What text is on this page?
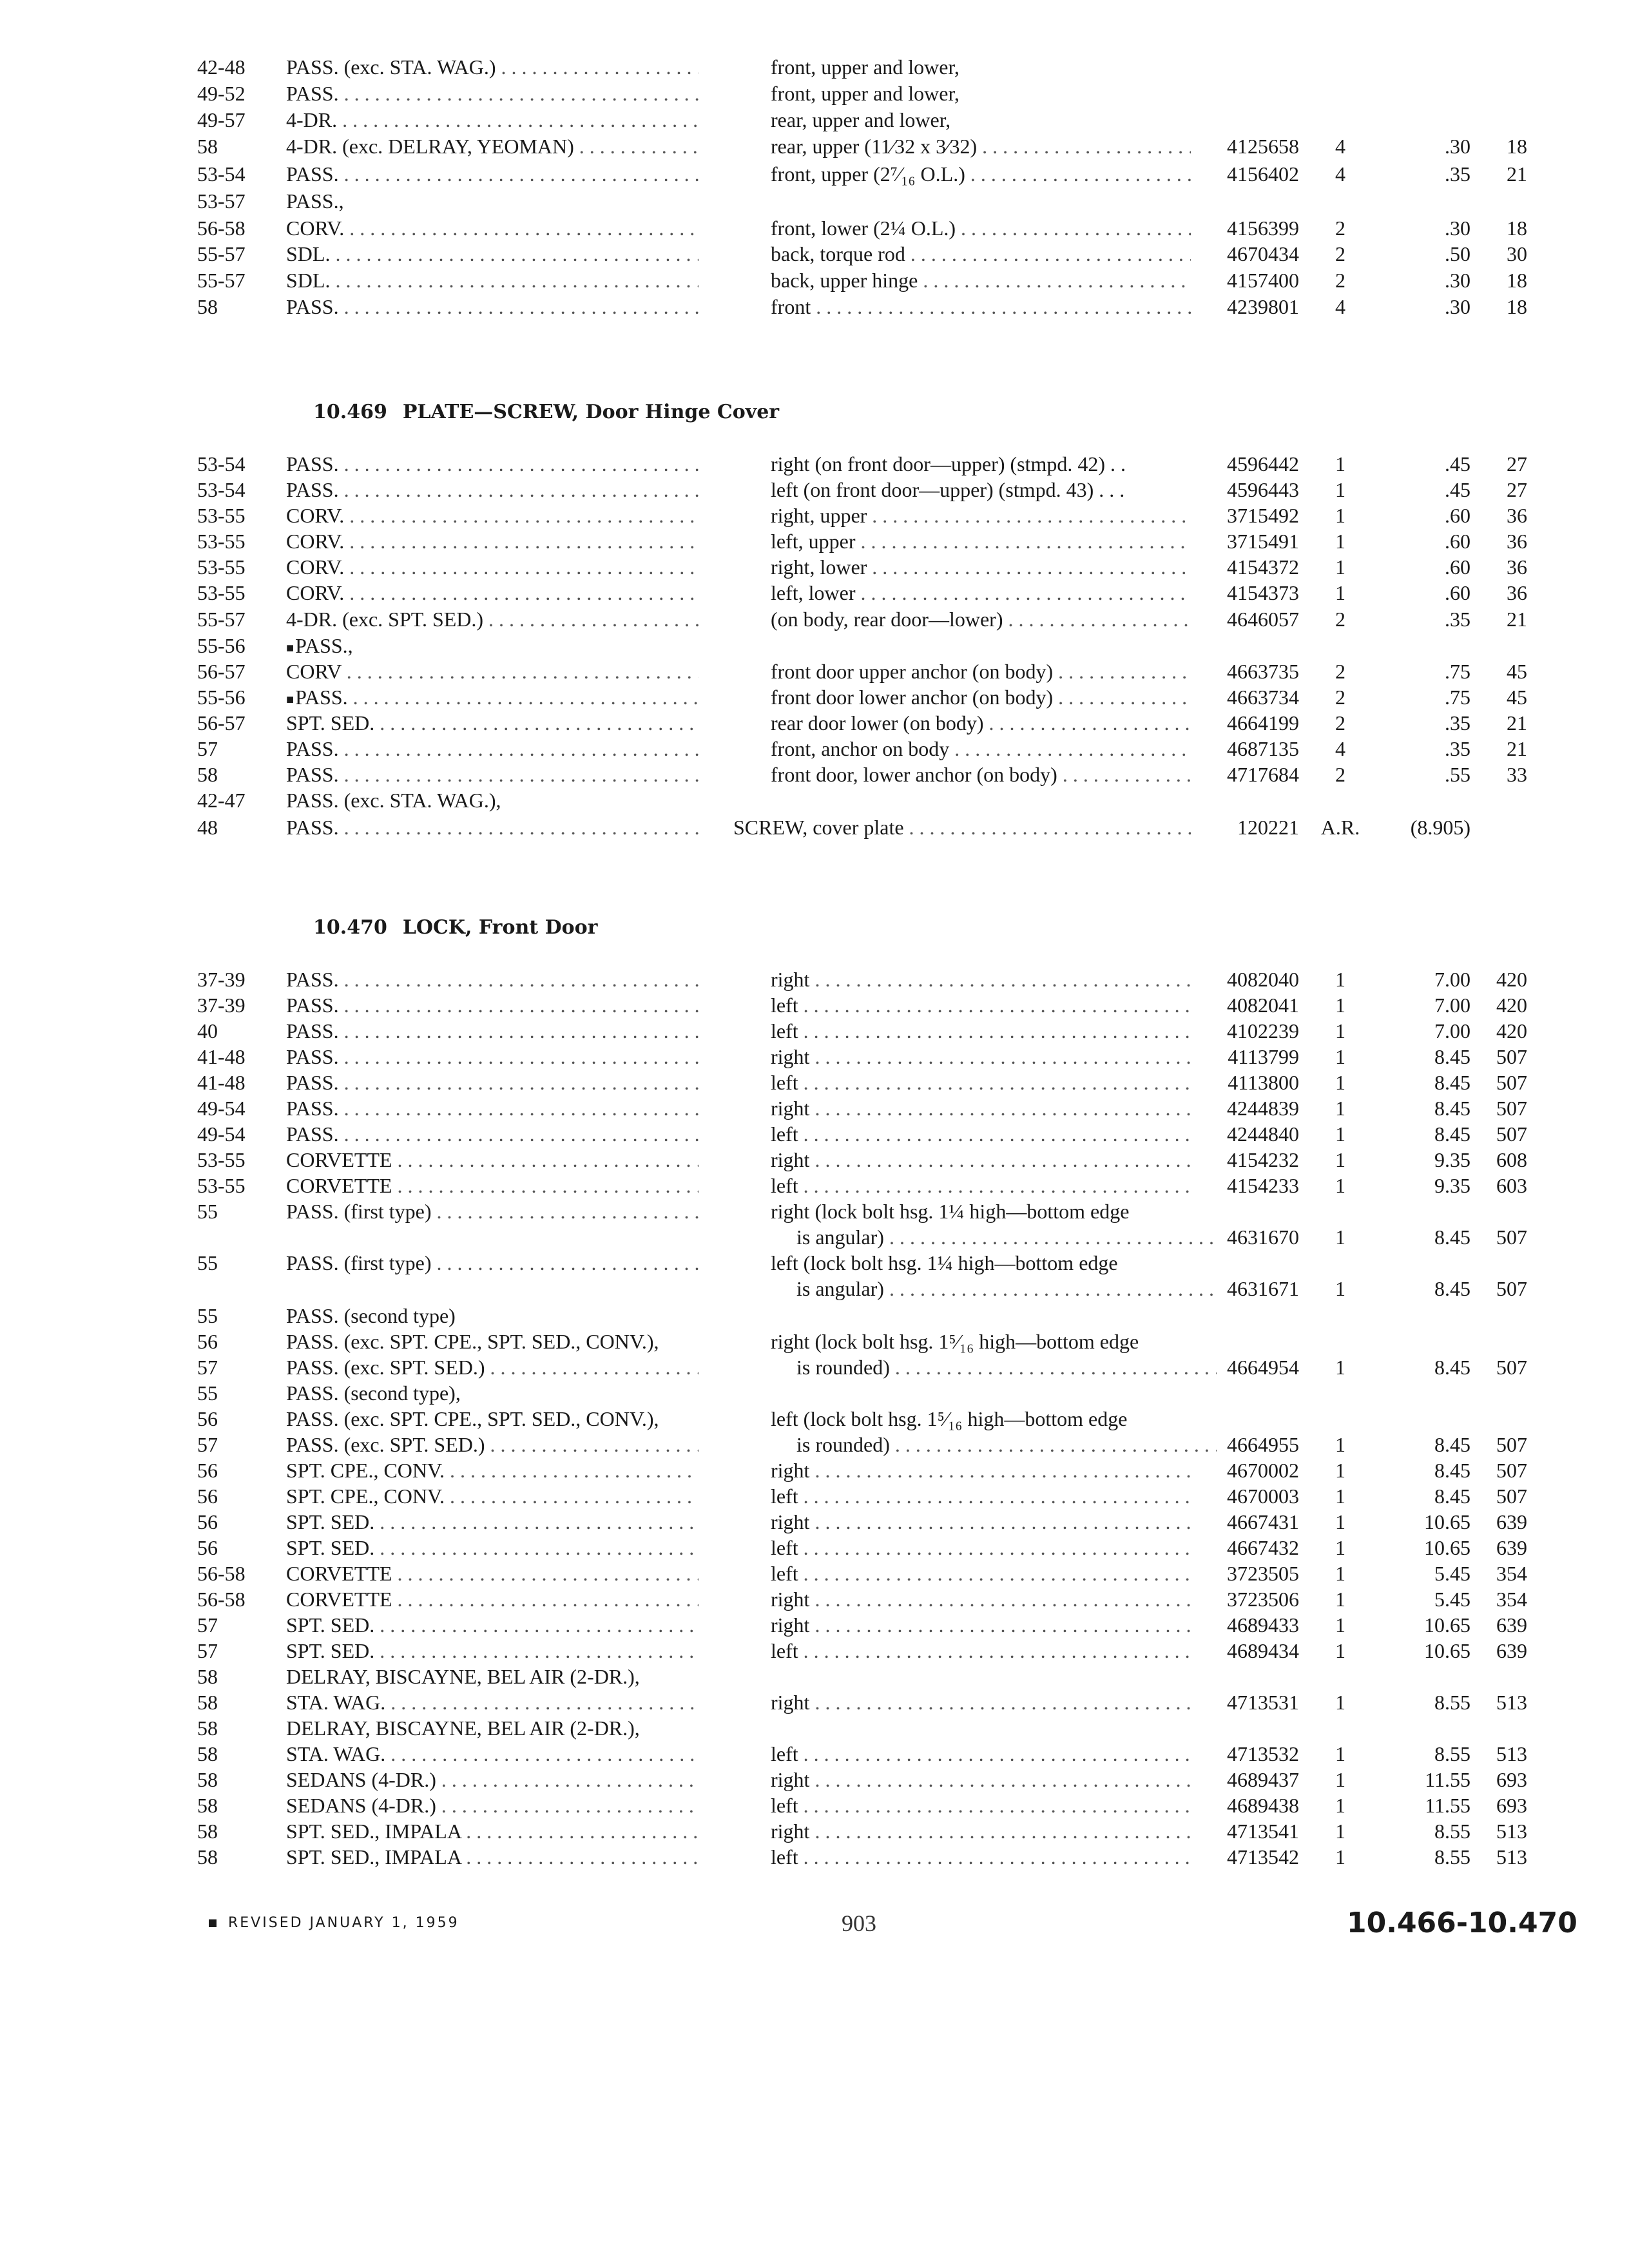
42-48	PASS. (exc. STA. WAG.) . . .	front, upper and lower,
49-52	PASS. . . .	front, upper and lower,
49-57	4-DR. . . .	rear, upper and lower,
58	4-DR. (exc. DELRAY, YEOMAN) . . .	rear, upper (11⁄32 x 3⁄32) . . .	4125658	4	.30	18
53-54	PASS. . . .	front, upper (2⁷⁄₁₆ O.L.) . . .	4156402	4	.35	21
53-57	PASS.,
56-58	CORV. . . .	front, lower (2¼ O.L.) . . .	4156399	2	.30	18
55-57	SDL. . . .	back, torque rod . . .	4670434	2	.50	30
55-57	SDL. . . .	back, upper hinge . . .	4157400	2	.30	18
58	PASS. . . .	front . . .	4239801	4	.30	18
53-54	PASS. . . .	right (on front door—upper) (stmpd. 42) . .	4596442	1	.45	27
53-54	PASS. . . .	left (on front door—upper) (stmpd. 43) . . .	4596443	1	.45	27
53-55	CORV. . . .	right, upper . . .	3715492	1	.60	36
53-55	CORV. . . .	left, upper . . .	3715491	1	.60	36
53-55	CORV. . . .	right, lower . . .	4154372	1	.60	36
53-55	CORV. . . .	left, lower . . .	4154373	1	.60	36
55-57	4-DR. (exc. SPT. SED.) . . .	(on body, rear door—lower) . . .	4646057	2	.35	21
55-56	■PASS.,
56-57	CORV . . .	front door upper anchor (on body) . . .	4663735	2	.75	45
55-56	■PASS. . . .	front door lower anchor (on body) . . .	4663734	2	.75	45
56-57	SPT. SED. . . .	rear door lower (on body) . . .	4664199	2	.35	21
57	PASS. . . .	front, anchor on body . . .	4687135	4	.35	21
58	PASS. . . .	front door, lower anchor (on body) . . .	4717684	2	.55	33
42-47	PASS. (exc. STA. WAG.),
48	PASS. . . .	SCREW, cover plate . . .	120221	A.R.	(8.905)
37-39	PASS. . . .	right . . .	4082040	1	7.00	420
37-39	PASS. . . .	left . . .	4082041	1	7.00	420
40	PASS. . . .	left . . .	4102239	1	7.00	420
41-48	PASS. . . .	right . . .	4113799	1	8.45	507
41-48	PASS. . . .	left . . .	4113800	1	8.45	507
49-54	PASS. . . .	right . . .	4244839	1	8.45	507
49-54	PASS. . . .	left . . .	4244840	1	8.45	507
53-55	CORVETTE . . .	right . . .	4154232	1	9.35	608
53-55	CORVETTE . . .	left . . .	4154233	1	9.35	603
55	PASS. (first type) . . .	right (lock bolt hsg. 1¼ high—bottom edge
is angular) . . .	4631670	1	8.45	507
55	PASS. (first type) . . .	left (lock bolt hsg. 1¼ high—bottom edge
is angular) . . .	4631671	1	8.45	507
55	PASS. (second type)
56	PASS. (exc. SPT. CPE., SPT. SED., CONV.),	right (lock bolt hsg. 1⁵⁄₁₆ high—bottom edge
57	PASS. (exc. SPT. SED.) . . .	is rounded) . . .	4664954	1	8.45	507
55	PASS. (second type),
56	PASS. (exc. SPT. CPE., SPT. SED., CONV.),	left (lock bolt hsg. 1⁵⁄₁₆ high—bottom edge
57	PASS. (exc. SPT. SED.) . . .	is rounded) . . .	4664955	1	8.45	507
56	SPT. CPE., CONV. . . .	right . . .	4670002	1	8.45	507
56	SPT. CPE., CONV. . . .	left . . .	4670003	1	8.45	507
56	SPT. SED. . . .	right . . .	4667431	1	10.65	639
56	SPT. SED. . . .	left . . .	4667432	1	10.65	639
56-58	CORVETTE . . .	left . . .	3723505	1	5.45	354
56-58	CORVETTE . . .	right . . .	3723506	1	5.45	354
57	SPT. SED. . . .	right . . .	4689433	1	10.65	639
57	SPT. SED. . . .	left . . .	4689434	1	10.65	639
58	DELRAY, BISCAYNE, BEL AIR (2-DR.),
58	STA. WAG. . . .	right . . .	4713531	1	8.55	513
58	DELRAY, BISCAYNE, BEL AIR (2-DR.),
58	STA. WAG. . . .	left . . .	4713532	1	8.55	513
58	SEDANS (4-DR.) . . .	right . . .	4689437	1	11.55	693
58	SEDANS (4-DR.) . . .	left . . .	4689438	1	11.55	693
58	SPT. SED., IMPALA . . .	right . . .	4713541	1	8.55	513
58	SPT. SED., IMPALA . . .	left . . .	4713542	1	8.55	513
REVISED JANUARY 1, 1959	903	10.466-10.470
10.469 PLATE—SCREW, Door Hinge Cover
10.470 LOCK, Front Door
